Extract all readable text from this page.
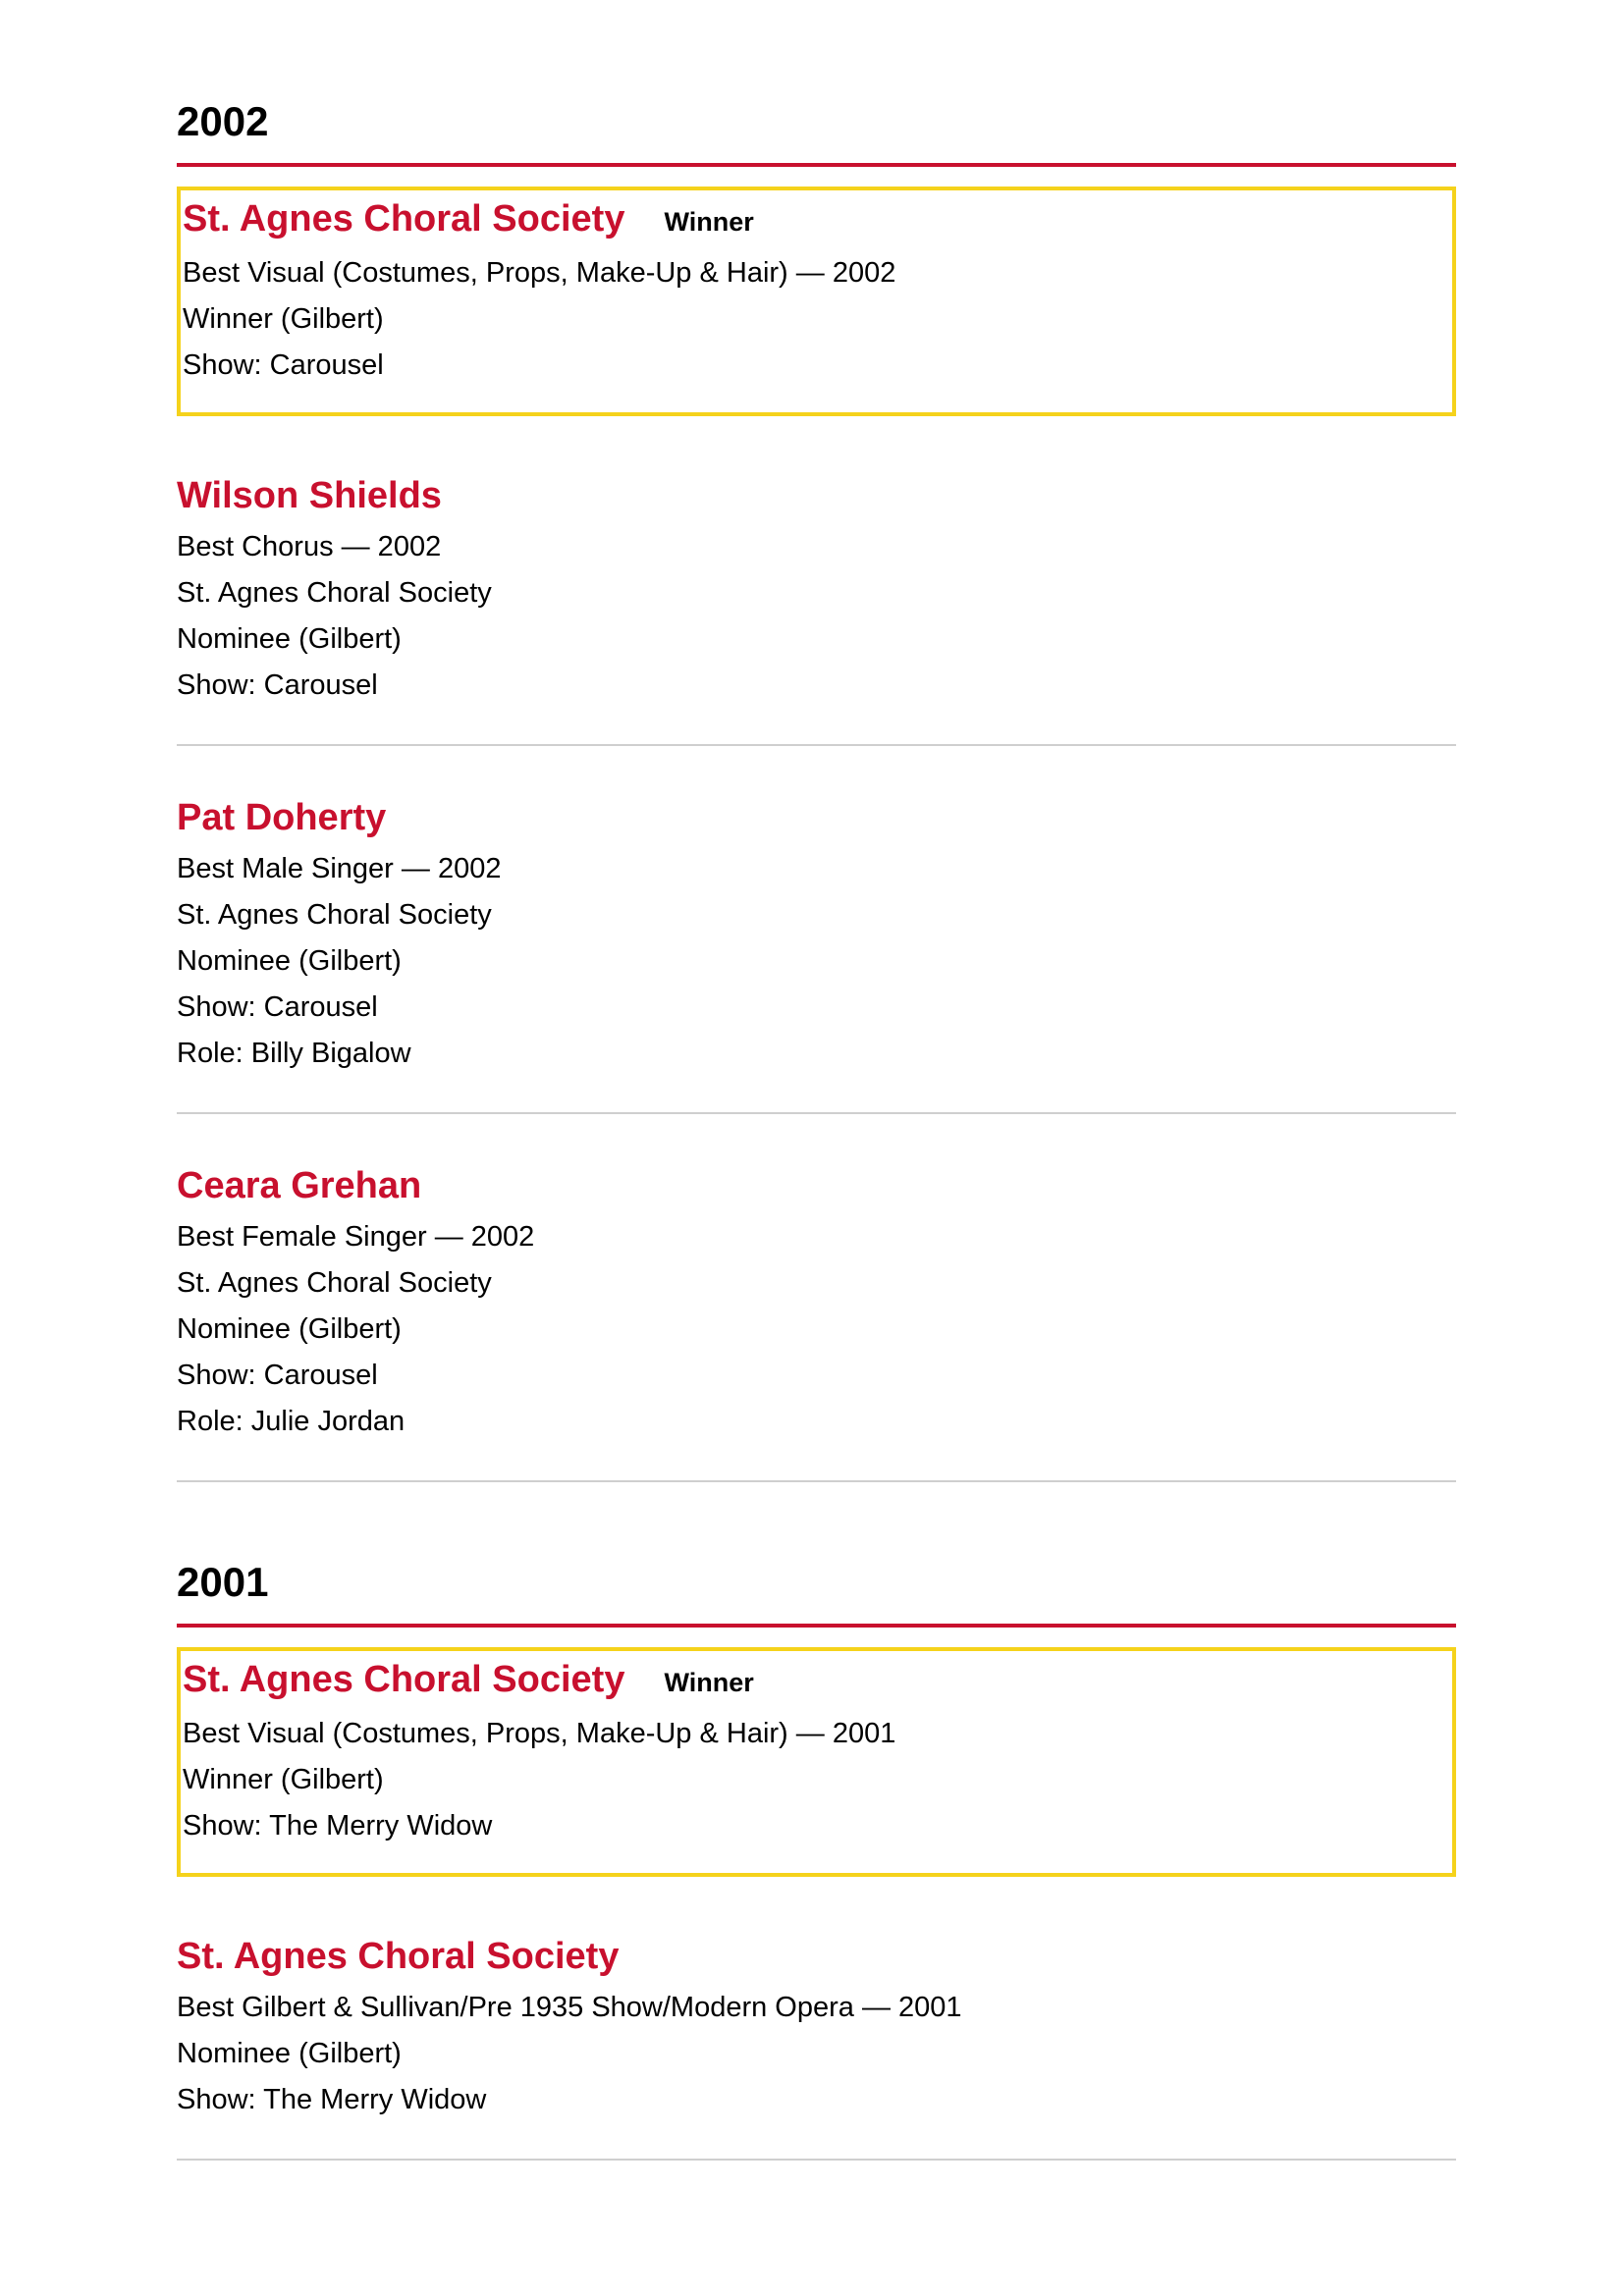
2002
St. Agnes Choral Society Winner
Best Visual (Costumes, Props, Make-Up & Hair) — 2002
Winner (Gilbert)
Show: Carousel
Wilson Shields
Best Chorus — 2002
St. Agnes Choral Society
Nominee (Gilbert)
Show: Carousel
Pat Doherty
Best Male Singer — 2002
St. Agnes Choral Society
Nominee (Gilbert)
Show: Carousel
Role: Billy Bigalow
Ceara Grehan
Best Female Singer — 2002
St. Agnes Choral Society
Nominee (Gilbert)
Show: Carousel
Role: Julie Jordan
2001
St. Agnes Choral Society Winner
Best Visual (Costumes, Props, Make-Up & Hair) — 2001
Winner (Gilbert)
Show: The Merry Widow
St. Agnes Choral Society
Best Gilbert & Sullivan/Pre 1935 Show/Modern Opera — 2001
Nominee (Gilbert)
Show: The Merry Widow
